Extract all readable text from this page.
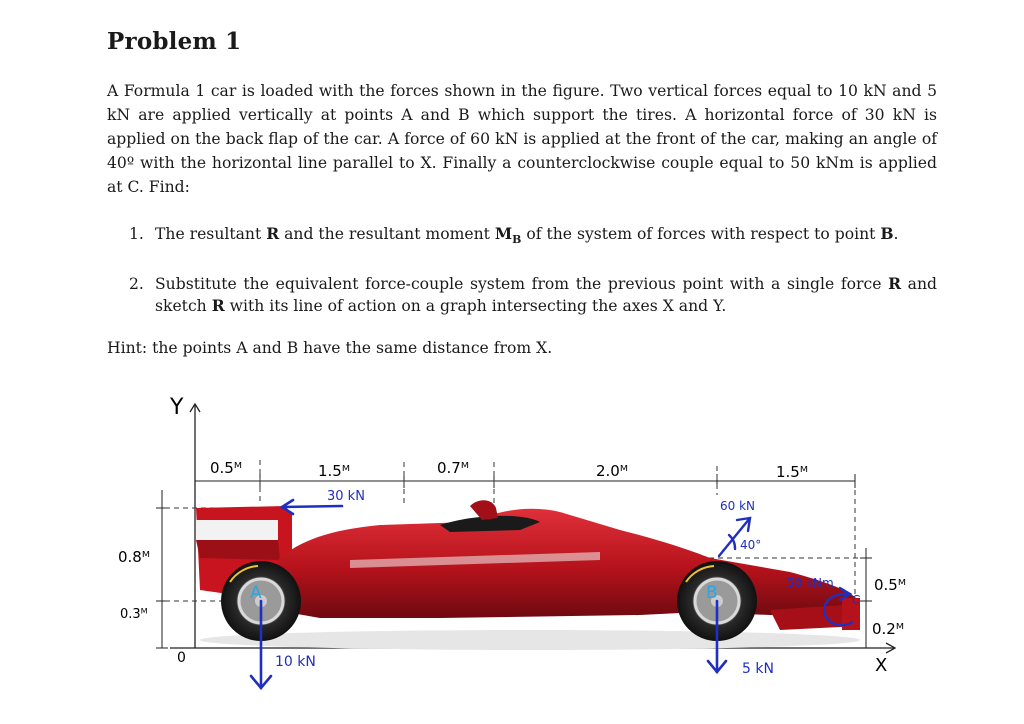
Problem 1

A Formula 1 car is loaded with the forces shown in the figure. Two vertical forces equal to 10 kN and 5 kN are applied vertically at points A and B which support the tires. A horizontal force of 30 kN is applied on the back flap of the car. A force of 60 kN is applied at the front of the car, making an angle of 40º with the horizontal line parallel to X. Finally a counterclockwise couple equal to 50 kNm is applied at C. Find:

1. The resultant R and the resultant moment $M_B$ of the system of forces with respect to point B.
2. Substitute the equivalent force-couple system from the previous point with a single force R and sketch R with its line of action on a graph intersecting the axes X and Y.

Hint: the points A and B have the same distance from X.

Y
X
0
0.5ᴹ	1.5ᴹ	0.7ᴹ	2.0ᴹ	1.5ᴹ
0.8ᴹ
0.3ᴹ
0.5ᴹ
0.2ᴹ
A	B	C
30 kN
60 kN
40°
50 kNm
10 kN	5 kN
